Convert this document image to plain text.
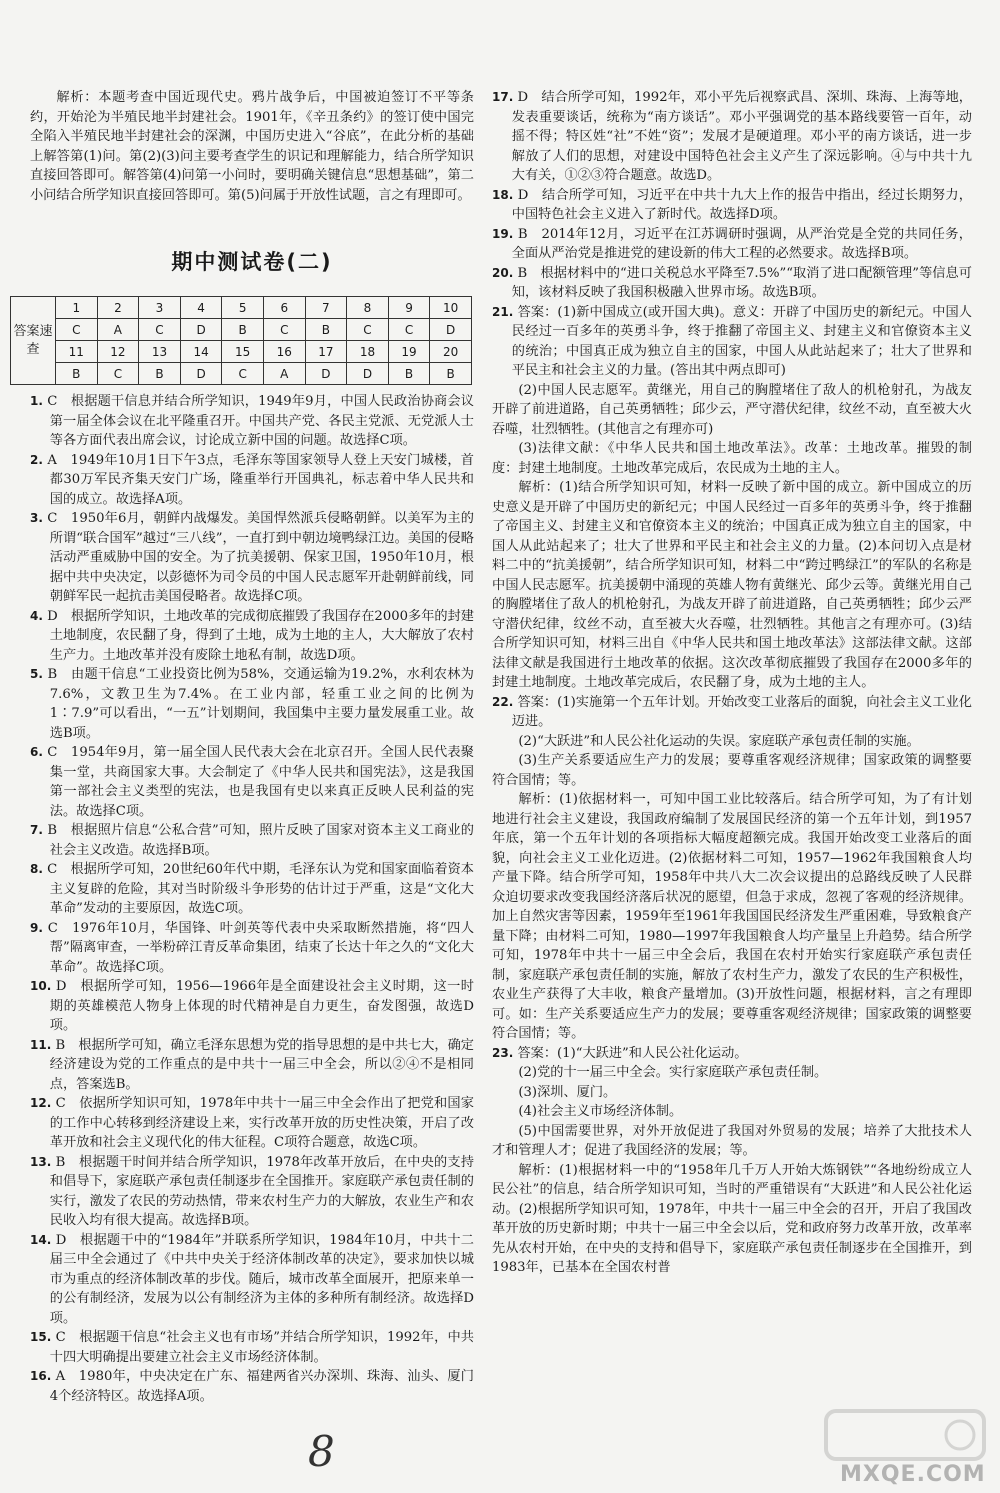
解析：本题考查中国近现代史。鸦片战争后，中国被迫签订不平等条约，开始沦为半殖民地半封建社会。1901年，《辛丑条约》的签订使中国完全陷入半殖民地半封建社会的深渊，中国历史进入“谷底”，在此分析的基础上解答第(1)问。第(2)(3)问主要考查学生的识记和理解能力，结合所学知识直接回答即可。解答第(4)问第一小问时，要明确关键信息“思想基础”，第二小问结合所学知识直接回答即可。第(5)问属于开放性试题，言之有理即可。

期中测试卷(二)
答案速查	1	2	3	4	5	6	7	8	9	10
	C	A	C	D	B	C	B	C	C	D
	11	12	13	14	15	16	17	18	19	20
	B	C	B	D	C	A	D	D	B	B

1. C　根据题干信息并结合所学知识，1949年9月，中国人民政治协商会议第一届全体会议在北平隆重召开。中国共产党、各民主党派、无党派人士等各方面代表出席会议，讨论成立新中国的问题。故选择C项。

2. A　1949年10月1日下午3点，毛泽东等国家领导人登上天安门城楼，首都30万军民齐集天安门广场，隆重举行开国典礼，标志着中华人民共和国的成立。故选择A项。

3. C　1950年6月，朝鲜内战爆发。美国悍然派兵侵略朝鲜。以美军为主的所谓“联合国军”越过“三八线”，一直打到中朝边境鸭绿江边。美国的侵略活动严重威胁中国的安全。为了抗美援朝、保家卫国，1950年10月，根据中共中央决定，以彭德怀为司令员的中国人民志愿军开赴朝鲜前线，同朝鲜军民一起抗击美国侵略者。故选择C项。

4. D　根据所学知识，土地改革的完成彻底摧毁了我国存在2000多年的封建土地制度，农民翻了身，得到了土地，成为土地的主人，大大解放了农村生产力。土地改革并没有废除土地私有制，故选D项。

5. B　由题干信息“工业投资比例为58%，交通运输为19.2%，水利农林为7.6%，文教卫生为7.4%。在工业内部，轻重工业之间的比例为1∶7.9”可以看出，“一五”计划期间，我国集中主要力量发展重工业。故选B项。

6. C　1954年9月，第一届全国人民代表大会在北京召开。全国人民代表聚集一堂，共商国家大事。大会制定了《中华人民共和国宪法》，这是我国第一部社会主义类型的宪法，也是我国有史以来真正反映人民利益的宪法。故选择C项。

7. B　根据照片信息“公私合营”可知，照片反映了国家对资本主义工商业的社会主义改造。故选择B项。

8. C　根据所学可知，20世纪60年代中期，毛泽东认为党和国家面临着资本主义复辟的危险，其对当时阶级斗争形势的估计过于严重，这是“文化大革命”发动的主要原因，故选C项。

9. C　1976年10月，华国锋、叶剑英等代表中央采取断然措施，将“四人帮”隔离审查，一举粉碎江青反革命集团，结束了长达十年之久的“文化大革命”。故选择C项。

10. D　根据所学可知，1956—1966年是全面建设社会主义时期，这一时期的英雄模范人物身上体现的时代精神是自力更生，奋发图强，故选D项。

11. B　根据所学可知，确立毛泽东思想为党的指导思想的是中共七大，确定经济建设为党的工作重点的是中共十一届三中全会，所以②④不是相同点，答案选B。

12. C　依据所学知识可知，1978年中共十一届三中全会作出了把党和国家的工作中心转移到经济建设上来，实行改革开放的历史性决策，开启了改革开放和社会主义现代化的伟大征程。C项符合题意，故选C项。

13. B　根据题干时间并结合所学知识，1978年改革开放后，在中央的支持和倡导下，家庭联产承包责任制逐步在全国推开。家庭联产承包责任制的实行，激发了农民的劳动热情，带来农村生产力的大解放，农业生产和农民收入均有很大提高。故选择B项。

14. D　根据题干中的“1984年”并联系所学知识，1984年10月，中共十二届三中全会通过了《中共中央关于经济体制改革的决定》，要求加快以城市为重点的经济体制改革的步伐。随后，城市改革全面展开，把原来单一的公有制经济，发展为以公有制经济为主体的多种所有制经济。故选择D项。

15. C　根据题干信息“社会主义也有市场”并结合所学知识，1992年，中共十四大明确提出要建立社会主义市场经济体制。

16. A　1980年，中央决定在广东、福建两省兴办深圳、珠海、汕头、厦门4个经济特区。故选择A项。

17. D　结合所学可知，1992年，邓小平先后视察武昌、深圳、珠海、上海等地，发表重要谈话，统称为“南方谈话”。邓小平强调党的基本路线要管一百年，动摇不得；特区姓“社”不姓“资”；发展才是硬道理。邓小平的南方谈话，进一步解放了人们的思想，对建设中国特色社会主义产生了深远影响。④与中共十九大有关，①②③符合题意。故选D。

18. D　结合所学可知，习近平在中共十九大上作的报告中指出，经过长期努力，中国特色社会主义进入了新时代。故选择D项。

19. B　2014年12月，习近平在江苏调研时强调，从严治党是全党的共同任务，全面从严治党是推进党的建设新的伟大工程的必然要求。故选择B项。

20. B　根据材料中的“进口关税总水平降至7.5%”“取消了进口配额管理”等信息可知，该材料反映了我国积极融入世界市场。故选B项。

21. 答案：(1)新中国成立(或开国大典)。意义：开辟了中国历史的新纪元。中国人民经过一百多年的英勇斗争，终于推翻了帝国主义、封建主义和官僚资本主义的统治；中国真正成为独立自主的国家，中国人从此站起来了；壮大了世界和平民主和社会主义的力量。(答出其中两点即可)

(2)中国人民志愿军。黄继光，用自己的胸膛堵住了敌人的机枪射孔，为战友开辟了前进道路，自己英勇牺牲；邱少云，严守潜伏纪律，纹丝不动，直至被大火吞噬，壮烈牺牲。(其他言之有理亦可)

(3)法律文献：《中华人民共和国土地改革法》。改革：土地改革。摧毁的制度：封建土地制度。土地改革完成后，农民成为土地的主人。

解析：(1)结合所学知识可知，材料一反映了新中国的成立。新中国成立的历史意义是开辟了中国历史的新纪元；中国人民经过一百多年的英勇斗争，终于推翻了帝国主义、封建主义和官僚资本主义的统治；中国真正成为独立自主的国家，中国人从此站起来了；壮大了世界和平民主和社会主义的力量。(2)本问切入点是材料二中的“抗美援朝”，结合所学知识可知，材料二中“跨过鸭绿江”的军队的名称是中国人民志愿军。抗美援朝中涌现的英雄人物有黄继光、邱少云等。黄继光用自己的胸膛堵住了敌人的机枪射孔，为战友开辟了前进道路，自己英勇牺牲；邱少云严守潜伏纪律，纹丝不动，直至被大火吞噬，壮烈牺牲。其他言之有理亦可。(3)结合所学知识可知，材料三出自《中华人民共和国土地改革法》这部法律文献。这部法律文献是我国进行土地改革的依据。这次改革彻底摧毁了我国存在2000多年的封建土地制度。土地改革完成后，农民翻了身，成为土地的主人。

22. 答案：(1)实施第一个五年计划。开始改变工业落后的面貌，向社会主义工业化迈进。

(2)“大跃进”和人民公社化运动的失误。家庭联产承包责任制的实施。

(3)生产关系要适应生产力的发展；要尊重客观经济规律；国家政策的调整要符合国情；等。

解析：(1)依据材料一，可知中国工业比较落后。结合所学可知，为了有计划地进行社会主义建设，我国政府编制了发展国民经济的第一个五年计划，到1957年底，第一个五年计划的各项指标大幅度超额完成。我国开始改变工业落后的面貌，向社会主义工业化迈进。(2)依据材料二可知，1957—1962年我国粮食人均产量下降。结合所学可知，1958年中共八大二次会议提出的总路线反映了人民群众迫切要求改变我国经济落后状况的愿望，但急于求成，忽视了客观的经济规律。加上自然灾害等因素，1959年至1961年我国国民经济发生严重困难，导致粮食产量下降；由材料二可知，1980—1997年我国粮食人均产量呈上升趋势。结合所学可知，1978年中共十一届三中全会后，我国在农村开始实行家庭联产承包责任制，家庭联产承包责任制的实施，解放了农村生产力，激发了农民的生产积极性，农业生产获得了大丰收，粮食产量增加。(3)开放性问题，根据材料，言之有理即可。如：生产关系要适应生产力的发展；要尊重客观经济规律；国家政策的调整要符合国情；等。

23. 答案：(1)“大跃进”和人民公社化运动。

(2)党的十一届三中全会。实行家庭联产承包责任制。

(3)深圳、厦门。

(4)社会主义市场经济体制。

(5)中国需要世界，对外开放促进了我国对外贸易的发展；培养了大批技术人才和管理人才；促进了我国经济的发展；等。

解析：(1)根据材料一中的“1958年几千万人开始大炼钢铁”“各地纷纷成立人民公社”的信息，结合所学知识可知，当时的严重错误有“大跃进”和人民公社化运动。(2)根据所学知识可知，1978年，中共十一届三中全会的召开，开启了我国改革开放的历史新时期；中共十一届三中全会以后，党和政府努力改革开放，改革率先从农村开始，在中央的支持和倡导下，家庭联产承包责任制逐步在全国推开，到1983年，已基本在全国农村普

8	MXQE.COM
